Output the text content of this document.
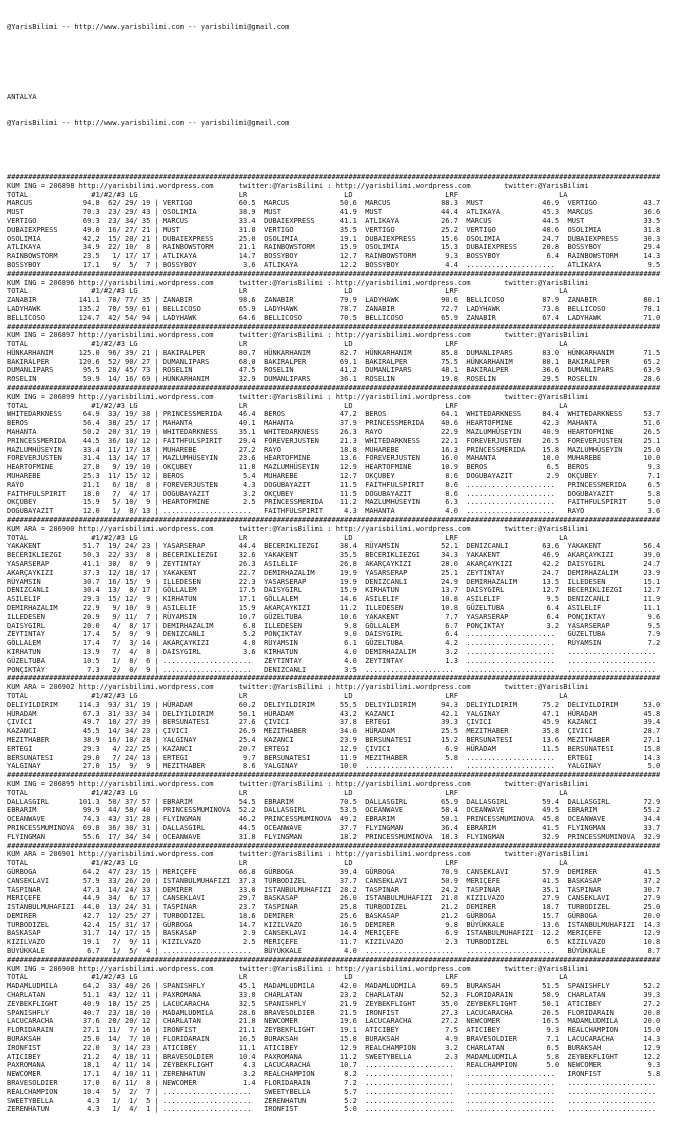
@YarisBilimi -- http://www.yarisbilimi.com -- yarisbilimi@gmail.com

ANTALYA

@YarisBilimi -- http://www.yarisbilimi.com -- yarisbilimi@gmail.com

###########################################################################################################################################################
KUM ING = 206898 http://yarisbilimi.wordpress.com      twitter:@YarisBilimi : http://yarisbilimi.wordpress.com        twitter:@YarisBilimi
TOTAL               #1/#2/#3 LG                        LR                       LD                      LRF                        LA
MARCUS            94.8  62/ 29/ 19 | VERTIGO           60.5  MARCUS            50.6  MARCUS            88.3  MUST              46.9  VERTIGO           43.7
MUST              70.3  23/ 29/ 43 | OSOLIMIA          38.9  MUST              41.9  MUST              44.4  ATLIKAYA          45.3  MARCUS            36.6
VERTIGO           69.3  23/ 34/ 35 | MARCUS            33.4  DUBAIEXPRESS      41.1  ATLIKAYA          26.7  MARCUS            44.5  MUST              33.5
DUBAIEXPRESS      49.0  16/ 27/ 21 | MUST              31.8  VERTIGO           35.5  VERTIGO           25.2  VERTIGO           40.6  OSOLIMIA          31.8
OSOLIMIA          42.2  15/ 20/ 21 | DUBAIEXPRESS      25.0  OSOLIMIA          19.1  DUBAIEXPRESS      15.6  OSOLIMIA          24.7  DUBAIEXPRESS      30.3
ATLIKAYA          34.9  22/ 10/  8 | RAINBOWSTORM      21.1  RAINBOWSTORM      15.9  OSOLIMIA          15.3  DUBAIEXPRESS      20.8  BOSSYBOY          29.4
RAINBOWSTORM      23.5   1/ 17/ 17 | ATLIKAYA          14.7  BOSSYBOY          12.7  RAINBOWSTORM       9.3  BOSSYBOY           6.4  RAINBOWSTORM      14.3
BOSSYBOY          17.1   9/  5/  7 | BOSSYBOY           3.6  ATLIKAYA          12.2  BOSSYBOY           4.4  .....................   ATLIKAYA           9.5
###########################################################################################################################################################
KUM ING = 206896 http://yarisbilimi.wordpress.com      twitter:@YarisBilimi : http://yarisbilimi.wordpress.com        twitter:@YarisBilimi
TOTAL               #1/#2/#3 LG                        LR                       LD                      LRF                        LA
ZANABIR          141.1  78/ 77/ 35 | ZANABIR           98.6  ZANABIR           79.9  LADYHAWK          90.6  BELLICOSO         87.9  ZANABIR           80.1
LADYHAWK         135.2  70/ 59/ 61 | BELLICOSO         65.9  LADYHAWK          78.7  ZANABIR           72.7  LADYHAWK          73.8  BELLICOSO         78.1
BELLICOSO        124.7  42/ 54/ 94 | LADYHAWK          64.6  BELLICOSO         70.5  BELLICOSO         65.9  ZANABIR           67.4  LADYHAWK          71.0
###########################################################################################################################################################
KUM ING = 206897 http://yarisbilimi.wordpress.com      twitter:@YarisBilimi : http://yarisbilimi.wordpress.com        twitter:@YarisBilimi
TOTAL               #1/#2/#3 LG                        LR                       LD                      LRF                        LA
HÜNKARHANIM      125.0  96/ 39/ 21 | BAKIRALPER        80.7  HÜNKARHANIM       82.7  HÜNKARHANIM       85.8  DUMANLIPARS       83.0  HÜNKARHANIM       71.5
BAKIRALPER       120.6  52/ 90/ 27 | DUMANLIPARS       68.0  BAKIRALPER        69.1  BAKIRALPER        75.5  HÜNKARHANIM       80.1  BAKIRALPER        65.2
DUMANLIPARS       95.5  28/ 45/ 73 | ROSELIN           47.5  ROSELIN           41.2  DUMANLIPARS       48.1  BAKIRALPER        36.6  DUMANLIPARS       63.9
ROSELIN           59.9  14/ 16/ 69 | HÜNKARHANIM       32.9  DUMANLIPARS       36.1  ROSELIN           19.8  ROSELIN           29.5  ROSELIN           28.6
###########################################################################################################################################################
KUM ING = 206899 http://yarisbilimi.wordpress.com      twitter:@YarisBilimi : http://yarisbilimi.wordpress.com        twitter:@YarisBilimi
TOTAL               #1/#2/#3 LG                        LR                       LD                      LRF                        LA
WHITEDARKNESS     64.9  33/ 19/ 38 | PRINCESSMERIDA    46.4  BEROS             47.2  BEROS             64.1  WHITEDARKNESS     84.4  WHITEDARKNESS     53.7
BEROS             56.4  38/ 25/ 17 | MAHANTA           40.1  MAHANTA           37.9  PRINCESSMERIDA    40.6  HEARTOFMINE       42.3  MAHANTA           51.6
MAHANTA           50.2  20/ 31/ 19 | WHITEDARKNESS     35.1  WHITEDARKNESS     26.3  RAYO              22.9  MAZLUMHÜSEYIN     40.9  HEARTOFMINE       26.5
PRINCESSMERIDA    44.5  36/ 10/ 12 | FAITHFULSPIRIT    29.4  FOREVERJUSTEN     21.3  WHITEDARKNESS     22.1  FOREVERJUSTEN     26.5  FOREVERJUSTEN     25.1
MAZLUMHÜSEYIN     33.4  11/ 17/ 18 | MUHAREBE          27.2  RAYO              18.8  MUHAREBE          16.3  PRINCESSMERIDA    15.8  MAZLUMHÜSEYIN     25.0
FOREVERJUSTEN     31.4  13/ 14/ 17 | MAZLUMHÜSEYIN     23.6  HEARTOFMINE       13.6  FOREVERJUSTEN     16.0  MAHANTA           10.0  MUHAREBE          10.0
HEARTOFMINE       27.8   9/ 19/ 10 | OKÇUBEY           11.8  MAZLUMHÜSEYIN     12.9  HEARTOFMINE       10.9  BEROS              6.5  BEROS              9.3
MUHAREBE          25.3  11/ 15/ 12 | BEROS              5.4  MUHAREBE          12.7  OKÇUBEY            8.6  DOGUBAYAZIT        2.9  OKÇUBEY            7.1
RAYO              21.1   6/ 18/  8 | FOREVERJUSTEN      4.3  DOGUBAYAZIT       11.5  FAITHFULSPIRIT     8.6  .....................   PRINCESSMERIDA     6.5
FAITHFULSPIRIT    18.0   7/  4/ 17 | DOGUBAYAZIT        3.2  OKÇUBEY           11.5  DOGUBAYAZIT        8.6  .....................   DOGUBAYAZIT        5.8
OKÇUBEY           15.9   5/ 10/  9 | HEARTOFMINE        2.5  PRINCESSMERIDA    11.2  MAZLUMHÜSEYIN      6.3  .....................   FAITHFULSPIRIT     5.0
DOGUBAYAZIT       12.0   1/  8/ 13 | .....................   FAITHFULSPIRIT     4.3  MAHANTA            4.0  .....................   RAYO               3.6
###########################################################################################################################################################
KUM ARA = 206900 http://yarisbilimi.wordpress.com      twitter:@YarisBilimi : http://yarisbilimi.wordpress.com        twitter:@YarisBilimi
TOTAL               #1/#2/#3 LG                        LR                       LD                      LRF                        LA
YAKAKENT          51.7  19/ 24/ 23 | YASARSERAP        44.4  BECERIKLIEZGI     38.4  RÜYAMSIN          52.1  DENIZCANLI        63.6  YAKAKENT          56.4
BECERIKLIEZGI     50.3  22/ 33/  8 | BECERIKLIEZGI     32.6  YAKAKENT          35.5  BECERIKLIEZGI     34.3  YAKAKENT          46.9  AKARÇAYKIZI       39.0
YASARSERAP        41.1  30/  8/  9 | ZEYTINTAY         26.3  ASILELIF          26.8  AKARÇAYKIZI       28.0  AKARÇAYKIZI       42.2  DAISYGIRL         24.7
AKARÇAYKIZI       37.3  12/ 18/ 17 | YAKAKENT          22.7  DEMIRHAZALIM      19.9  YASARSERAP        25.1  ZEYTINTAY         24.7  DEMIRHAZALIM      23.9
RÜYAMSIN          30.7  16/ 15/  9 | ILLEDESEN         22.3  YASARSERAP        19.9  DENIZCANLI        24.9  DEMIRHAZALIM      13.5  ILLEDESEN         15.1
DENIZCANLI        30.4  13/  8/ 17 | GÖLLALEM          17.5  DAISYGIRL         15.9  KIRHATUN          13.7  DAISYGIRL         12.7  BECERIKLIEZGI     12.7
ASILELIF          29.3  15/ 12/  9 | KIRHATUN          17.1  GÖLLALEM          14.6  ASILELIF          10.8  ASILELIF           9.5  DENIZCANLI        11.9
DEMIRHAZALIM      22.9   9/ 10/  9 | ASILELIF          15.9  AKARÇAYKIZI       11.2  ILLEDESEN         10.8  GÜZELTUBA          6.4  ASILELIF          11.1
ILLEDESEN         20.9   9/ 11/  7 | RÜYAMSIN          10.7  GÜZELTUBA         10.6  YAKAKENT           7.7  YASARSERAP         6.4  PONÇIKTAY          9.6
DAISYGIRL         20.0   4/  8/ 17 | DEMIRHAZALIM       6.8  ILLEDESEN          9.8  GÖLLALEM           6.7  PONÇIKTAY          3.2  YASARSERAP         9.5
ZEYTINTAY         17.4   5/  9/  9 | DENIZCANLI         5.2  PONÇIKTAY          9.0  DAISYGIRL          6.4  .....................   GÜZELTUBA          7.9
GÖLLALEM          17.4   7/  3/ 14 | AKARÇAYKIZI        4.0  RÜYAMSIN           6.1  GÜZELTUBA          4.2  .....................   RÜYAMSIN           7.2
KIRHATUN          13.9   7/  4/  8 | DAISYGIRL          3.6  KIRHATUN           4.0  DEMIRHAZALIM       3.2  .....................   .....................
GÜZELTUBA         10.5   1/  8/  6 | .....................   ZEYTINTAY          4.0  ZEYTINTAY          1.3  .....................   .....................
PONÇIKTAY          7.3   2/  0/  9 | .....................   DENIZCANLI         3.5  .....................   .....................   .....................
###########################################################################################################################################################
KUM ARA = 206902 http://yarisbilimi.wordpress.com      twitter:@YarisBilimi : http://yarisbilimi.wordpress.com        twitter:@YarisBilimi
TOTAL               #1/#2/#3 LG                        LR                       LD                      LRF                        LA
DELIYILDIRIM     114.3  93/ 31/ 19 | HÜRADAM           60.2  DELIYILDIRIM      55.5  DELIYILDIRIM      94.3  DELIYILDIRIM      75.2  DELIYILDIRIM      53.0
HÜRADAM           67.3  31/ 33/ 34 | DELIYILDIRIM      50.1  HÜRADAM           43.2  KAZANCI           42.1  YALGINAY          47.1  HÜRADAM           45.8
ÇIVICI            49.7  10/ 27/ 39 | BERSUNATESI       27.6  ÇIVICI            37.8  ERTEGI            39.3  ÇIVICI            45.9  KAZANCI           39.4
KAZANCI           45.5  14/ 34/ 23 | ÇIVICI            26.9  MEZITHABER        34.0  HÜRADAM           25.5  MEZITHABER        35.8  ÇIVICI            28.7
MEZITHABER        38.9  16/ 10/ 28 | YALGINAY          25.4  KAZANCI           23.9  BERSUNATESI       15.2  BERSUNATESI       13.6  MEZITHABER        27.1
ERTEGI            29.3   4/ 22/ 25 | KAZANCI           20.7  ERTEGI            12.9  ÇIVICI             6.9  HÜRADAM           11.5  BERSUNATESI       15.8
BERSUNATESI       29.0   7/ 24/ 13 | ERTEGI             9.7  BERSUNATESI       11.9  MEZITHABER         5.8  .....................   ERTEGI            14.3
YALGINAY          27.0  15/  9/  9 | MEZITHABER         8.6  YALGINAY          10.0  .....................   .....................   YALGINAY           5.0
###########################################################################################################################################################
KUM ING = 206895 http://yarisbilimi.wordpress.com      twitter:@YarisBilimi : http://yarisbilimi.wordpress.com        twitter:@YarisBilimi
TOTAL               #1/#2/#3 LG                        LR                       LD                      LRF                        LA
DALLASGIRL       101.3  50/ 37/ 57 | EBRARIM           54.5  EBRARIM           70.5  DALLASGIRL        65.9  DALLASGIRL        59.4  DALLASGIRL        72.9
EBRARIM           99.9  44/ 58/ 40 | PRINCESSMUMINOVA  52.2  DALLASGIRL        53.5  OCEANWAVE         58.4  OCEANWAVE         49.5  EBRARIM           55.2
OCEANWAVE         74.3  43/ 31/ 28 | FLYINGMAN         46.2  PRINCESSMUMINOVA  49.2  EBRARIM           50.1  PRINCESSMUMINOVA  45.8  OCEANWAVE         34.4
PRINCESSMUMINOVA  69.8  36/ 30/ 31 | DALLASGIRL        44.5  OCEANWAVE         37.7  FLYINGMAN         36.4  EBRARIM           41.5  FLYINGMAN         33.7
FLYINGMAN         55.6  17/ 34/ 34 | OCEANWAVE         31.8  FLYINGMAN         18.2  PRINCESSMUMINOVA  18.3  FLYINGMAN         32.9  PRINCESSMUMINOVA  32.9
###########################################################################################################################################################
KUM ARA = 206901 http://yarisbilimi.wordpress.com      twitter:@YarisBilimi : http://yarisbilimi.wordpress.com        twitter:@YarisBilimi
TOTAL               #1/#2/#3 LG                        LR                       LD                      LRF                        LA
GÜRBOGA           64.2  47/ 23/ 15 | MERIÇEFE          66.8  GÜRBOGA           39.4  GÜRBOGA           70.9  CANSEKLAVI        57.9  DEMIRER           41.5
CANSEKLAVI        57.9  33/ 26/ 20 | ISTANBULMUHAFIZI  37.3  TURBODIZEL        37.7  CANSEKLAVI        50.9  MERIÇEFE          41.5  BASKASAP          37.2
TASPINAR          47.3  14/ 24/ 33 | DEMIRER           33.0  ISTANBULMUHAFIZI  28.2  TASPINAR          24.2  TASPINAR          35.1  TASPINAR          30.7
MERIÇEFE          44.9  34/  6/ 17 | CANSEKLAVI        29.7  BASKASAP          26.0  ISTANBULMUHAFIZI  21.8  KIZILVAZO         27.9  CANSEKLAVI        27.9
ISTANBULMUHAFIZI  44.0  13/ 24/ 31 | TASPINAR          23.7  TASPINAR          25.8  TURBODIZEL        21.2  DEMIRER           18.7  TURBODIZEL        25.0
DEMIRER           42.7  12/ 25/ 27 | TURBODIZEL        18.6  DEMIRER           25.6  BASKASAP          21.2  GÜRBOGA           15.7  GÜRBOGA           20.0
TURBODIZEL        42.4  15/ 31/ 17 | GÜRBOGA           14.7  KIZILVAZO         16.5  DEMIRER            9.8  BÜYÜKKALE         13.6  ISTANBULMUHAFIZI  14.3
BASKASAP          31.7  14/ 17/ 15 | BASKASAP           2.9  CANSEKLAVI        14.4  MERIÇEFE           6.9  ISTANBULMUHAFIZI  12.2  MERIÇEFE          12.9
KIZILVAZO         19.1   7/  9/ 11 | KIZILVAZO          2.5  MERIÇEFE          11.7  KIZILVAZO          2.3  TURBODIZEL         6.5  KIZILVAZO         10.8
BÜYÜKKALE          6.7   1/  5/  4 | .....................   BÜYÜKKALE          4.0  .....................   .....................   BÜYÜKKALE          8.7
###########################################################################################################################################################
KUM ING = 206908 http://yarisbilimi.wordpress.com      twitter:@YarisBilimi : http://yarisbilimi.wordpress.com        twitter:@YarisBilimi
TOTAL               #1/#2/#3 LG                        LR                       LD                      LRF                        LA
MADAMLUDMILA      64.2  33/ 40/ 26 | SPANISHFLY        45.1  MADAMLUDMILA      42.0  MADAMLUDMILA      69.5  BURAKSAH          51.5  SPANISHFLY        52.2
CHARLATAN         51.1  43/ 12/ 11 | PAXROMANA         33.0  CHARLATAN         23.2  CHARLATAN         52.3  FLORIDARAIN       50.9  CHARLATAN         39.3
ZEYBEKFLIGHT      40.9  18/ 15/ 25 | LACUCARACHA       32.5  SPANISHFLY        21.9  ZEYBEKFLIGHT      35.0  ZEYBEKFLIGHT      50.1  ATICIBEY          27.2
SPANISHFLY        40.7  23/ 18/ 10 | MADAMLUDMILA      28.6  BRAVESOLDIER      21.5  IRONFIST          27.3  LACUCARACHA       26.5  FLORIDARAIN       20.8
LACUCARACHA       37.6  20/ 20/ 12 | CHARLATAN         21.8  NEWCOMER          19.6  LACUCARACHA       27.2  NEWCOMER          16.5  MADAMLUDMILA      20.0
FLORIDARAIN       27.1  11/  7/ 16 | IRONFIST          21.1  ZEYBEKFLIGHT      19.1  ATICIBEY           7.5  ATICIBEY           9.3  REALCHAMPION      15.0
BURAKSAH          25.0  14/  7/ 10 | FLORIDARAIN       16.5  BURAKSAH          15.8  BURAKSAH           4.9  BRAVESOLDIER       7.1  LACUCARACHA       14.3
IRONFIST          22.0   3/ 14/ 23 | ATICIBEY          11.1  ATICIBEY          12.9  REALCHAMPION       3.2  CHARLATAN          6.5  BURAKSAH          12.9
ATICIBEY          21.2   4/ 18/ 11 | BRAVESOLDIER      10.4  PAXROMANA         11.2  SWEETYBELLA        2.3  MADAMLUDMILA       5.8  ZEYBEKFLIGHT      12.2
PAXROMANA         18.1   4/ 11/ 14 | ZEYBEKFLIGHT       4.3  LACUCARACHA       10.7  .....................   REALCHAMPION       5.0  NEWCOMER           9.3
NEWCOMER          17.1   4/ 10/ 11 | ZERENHATUN         3.2  REALCHAMPION       8.2  .....................   .....................   IRONFIST           5.8
BRAVESOLDIER      17.0   6/ 11/  8 | NEWCOMER           1.4  FLORIDARAIN        7.2  .....................   .....................   .....................
REALCHAMPION      10.4   5/  2/  7 | .....................   SWEETYBELLA        5.7  .....................   .....................   .....................
SWEETYBELLA        4.3   1/  1/  5 | .....................   ZERENHATUN         5.2  .....................   .....................   .....................
ZERENHATUN         4.3   1/  4/  1 | .....................   IRONFIST           5.0  .....................   .....................   .....................
